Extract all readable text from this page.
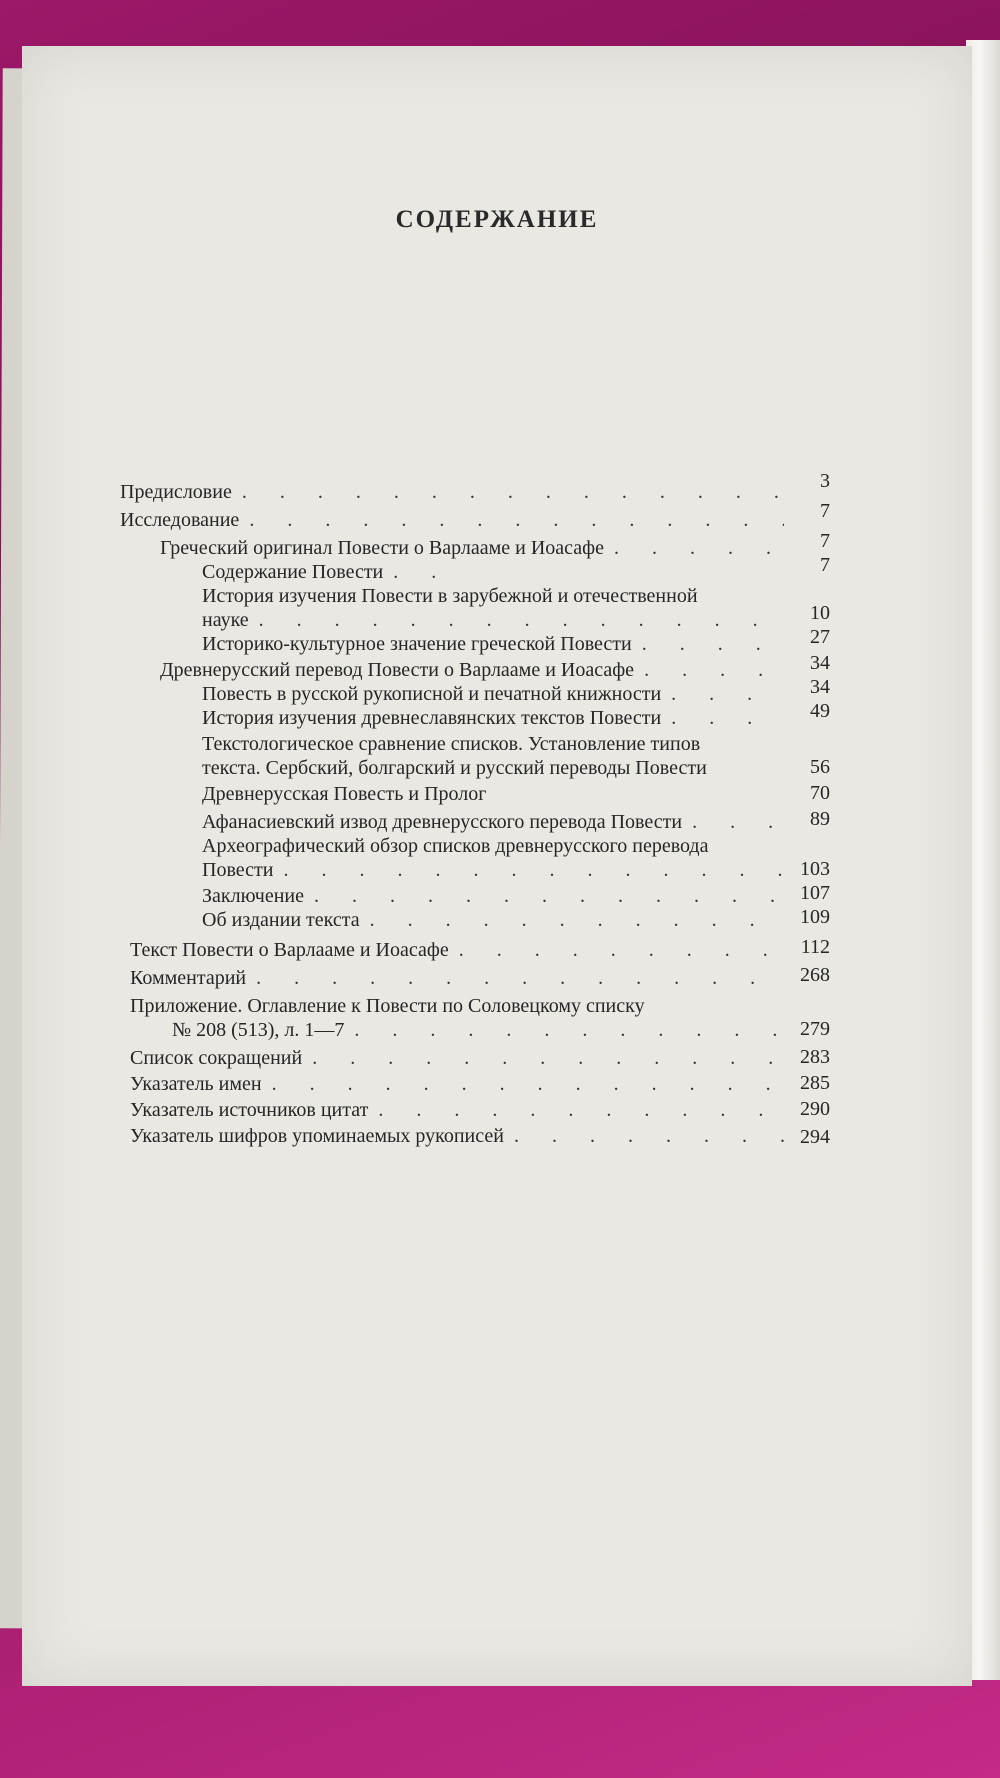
СОДЕРЖАНИЕ
Предисловие . . .	3
Исследование . . .	7
Греческий оригинал Повести о Варлааме и Иоасафе . . .	7
Содержание Повести . . .	7
История изучения Повести в зарубежной и отечественной
науке . . .	10
Историко-культурное значение греческой Повести . . .	27
Древнерусский перевод Повести о Варлааме и Иоасафе . . .	34
Повесть в русской рукописной и печатной книжности . . .	34
История изучения древнеславянских текстов Повести . . .	49
Текстологическое сравнение списков. Установление типов
текста. Сербский, болгарский и русский переводы Повести	56
Древнерусская Повесть и Пролог	70
Афанасиевский извод древнерусского перевода Повести . . .	89
Археографический обзор списков древнерусского перевода
Повести . . .	103
Заключение . . .	107
Об издании текста . . .	109
Текст Повести о Варлааме и Иоасафе . . .	112
Комментарий . . .	268
Приложение. Оглавление к Повести по Соловецкому списку
№ 208 (513), л. 1—7 . . .	279
Список сокращений . . .	283
Указатель имен . . .	285
Указатель источников цитат . . .	290
Указатель шифров упоминаемых рукописей . . .	294
